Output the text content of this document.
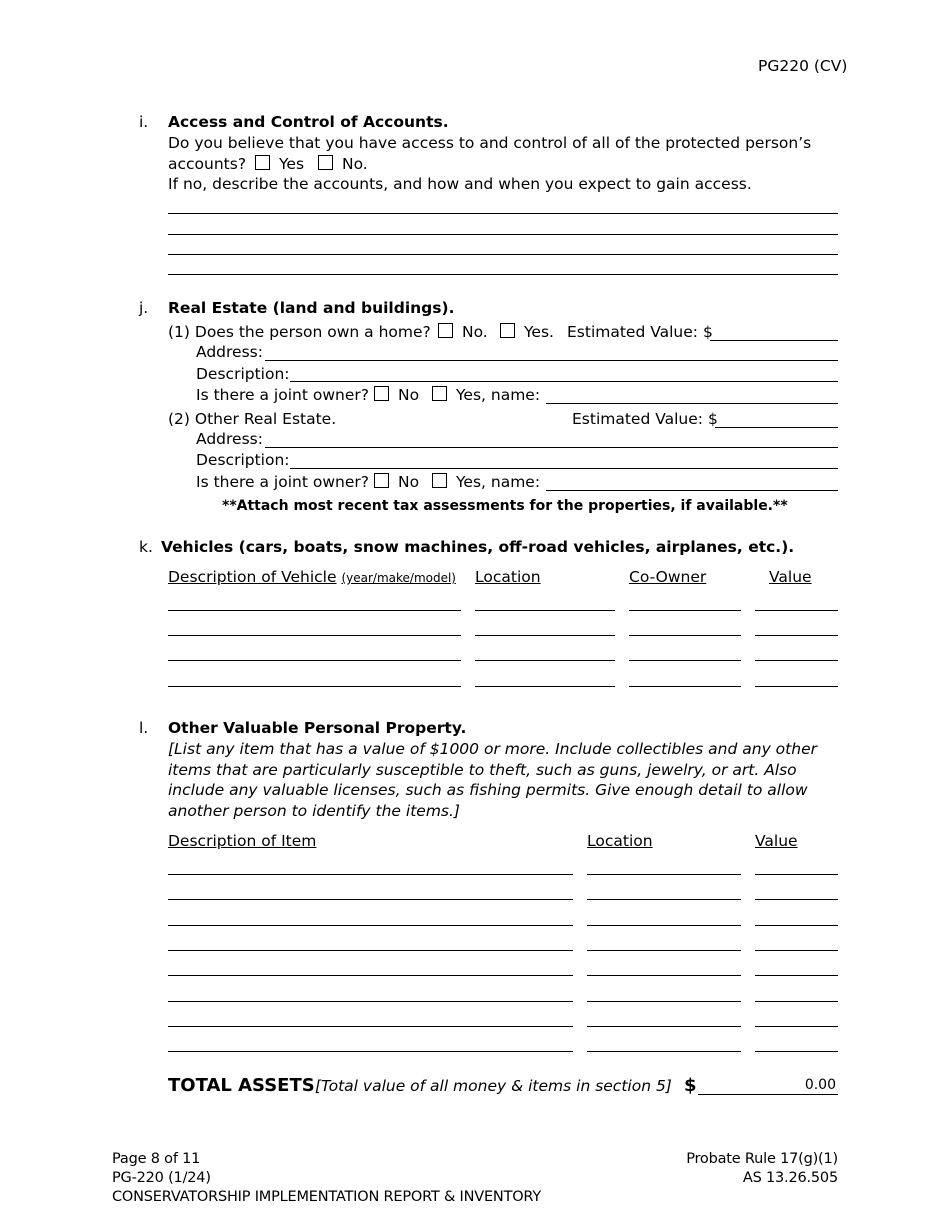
PG220 (CV)
i. Access and Control of Accounts.
Do you believe that you have access to and control of all of the protected person’s
accounts? Yes No.
If no, describe the accounts, and how and when you expect to gain access.
j. Real Estate (land and buildings).
(1) Does the person own a home? No. Yes. Estimated Value: $
Address:
Description:
Is there a joint owner? No Yes, name:
(2) Other Real Estate.	Estimated Value: $
Address:
Description:
Is there a joint owner? No Yes, name:
**Attach most recent tax assessments for the properties, if available.**
k. Vehicles (cars, boats, snow machines, off-road vehicles, airplanes, etc.).
Description of Vehicle (year/make/model) Location	Co-Owner	Value
l. Other Valuable Personal Property.
[List any item that has a value of $1000 or more. Include collectibles and any other
items that are particularly susceptible to theft, such as guns, jewelry, or art. Also
include any valuable licenses, such as fishing permits. Give enough detail to allow
another person to identify the items.]
Description of Item	Location	Value
TOTAL ASSETS [Total value of all money & items in section 5] $	0.00
Page 8 of 11
PG-220 (1/24)
CONSERVATORSHIP IMPLEMENTATION REPORT & INVENTORY
Probate Rule 17(g)(1)
AS 13.26.505
